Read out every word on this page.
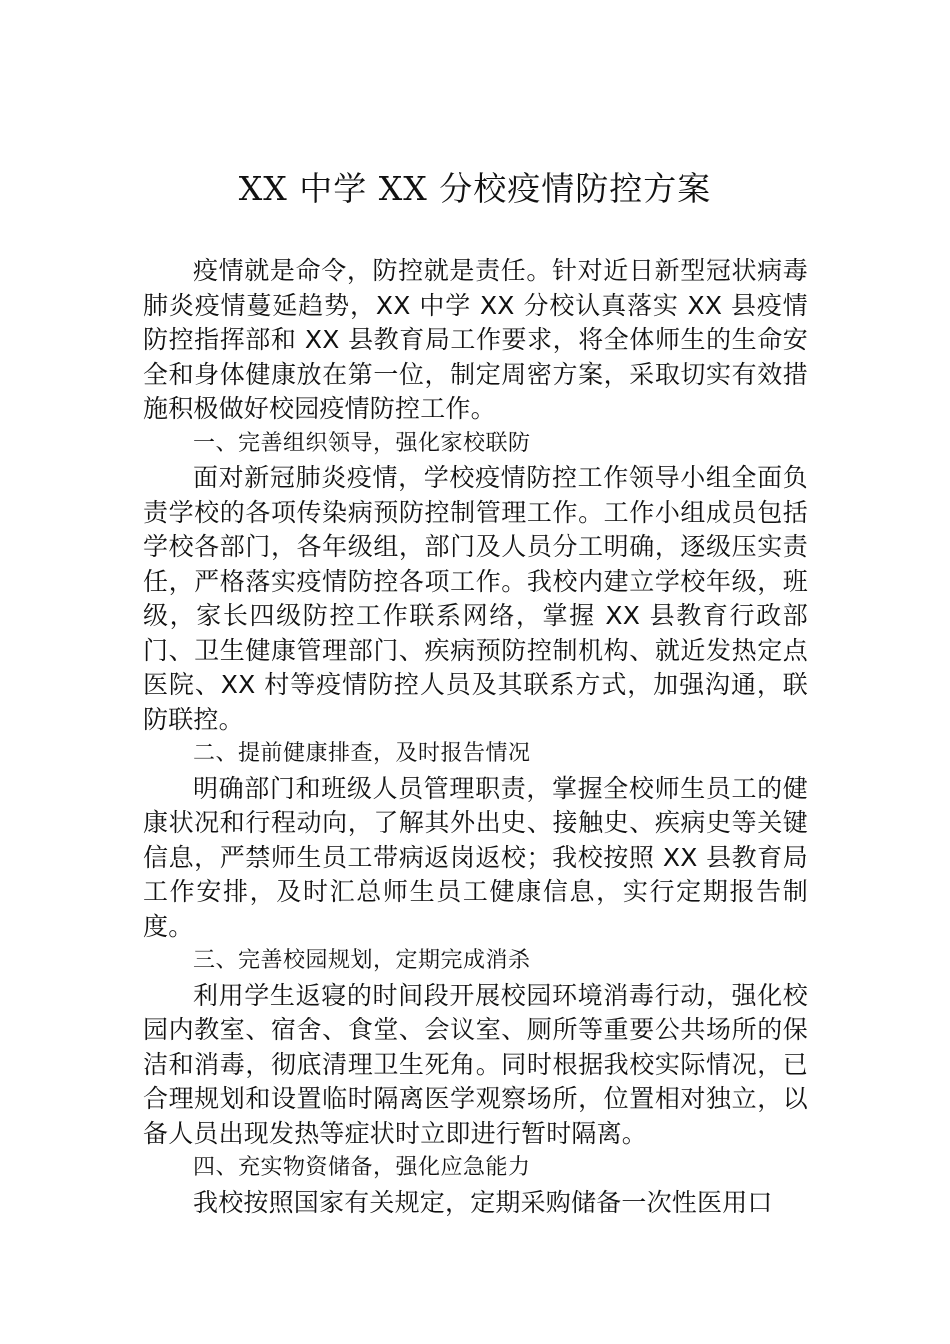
XX 中学 XX 分校疫情防控方案

疫情就是命令，防控就是责任。针对近日新型冠状病毒肺炎疫情蔓延趋势，XX 中学 XX 分校认真落实 XX 县疫情防控指挥部和 XX 县教育局工作要求，将全体师生的生命安全和身体健康放在第一位，制定周密方案，采取切实有效措施积极做好校园疫情防控工作。

一、完善组织领导，强化家校联防

面对新冠肺炎疫情，学校疫情防控工作领导小组全面负责学校的各项传染病预防控制管理工作。工作小组成员包括学校各部门，各年级组，部门及人员分工明确，逐级压实责任，严格落实疫情防控各项工作。我校内建立学校年级，班级，家长四级防控工作联系网络，掌握 XX 县教育行政部门、卫生健康管理部门、疾病预防控制机构、就近发热定点医院、XX 村等疫情防控人员及其联系方式，加强沟通，联防联控。

二、提前健康排查，及时报告情况

明确部门和班级人员管理职责，掌握全校师生员工的健康状况和行程动向，了解其外出史、接触史、疾病史等关键信息，严禁师生员工带病返岗返校；我校按照 XX 县教育局工作安排，及时汇总师生员工健康信息，实行定期报告制度。

三、完善校园规划，定期完成消杀

利用学生返寝的时间段开展校园环境消毒行动，强化校园内教室、宿舍、食堂、会议室、厕所等重要公共场所的保洁和消毒，彻底清理卫生死角。同时根据我校实际情况，已合理规划和设置临时隔离医学观察场所，位置相对独立，以备人员出现发热等症状时立即进行暂时隔离。

四、充实物资储备，强化应急能力

我校按照国家有关规定，定期采购储备一次性医用口
